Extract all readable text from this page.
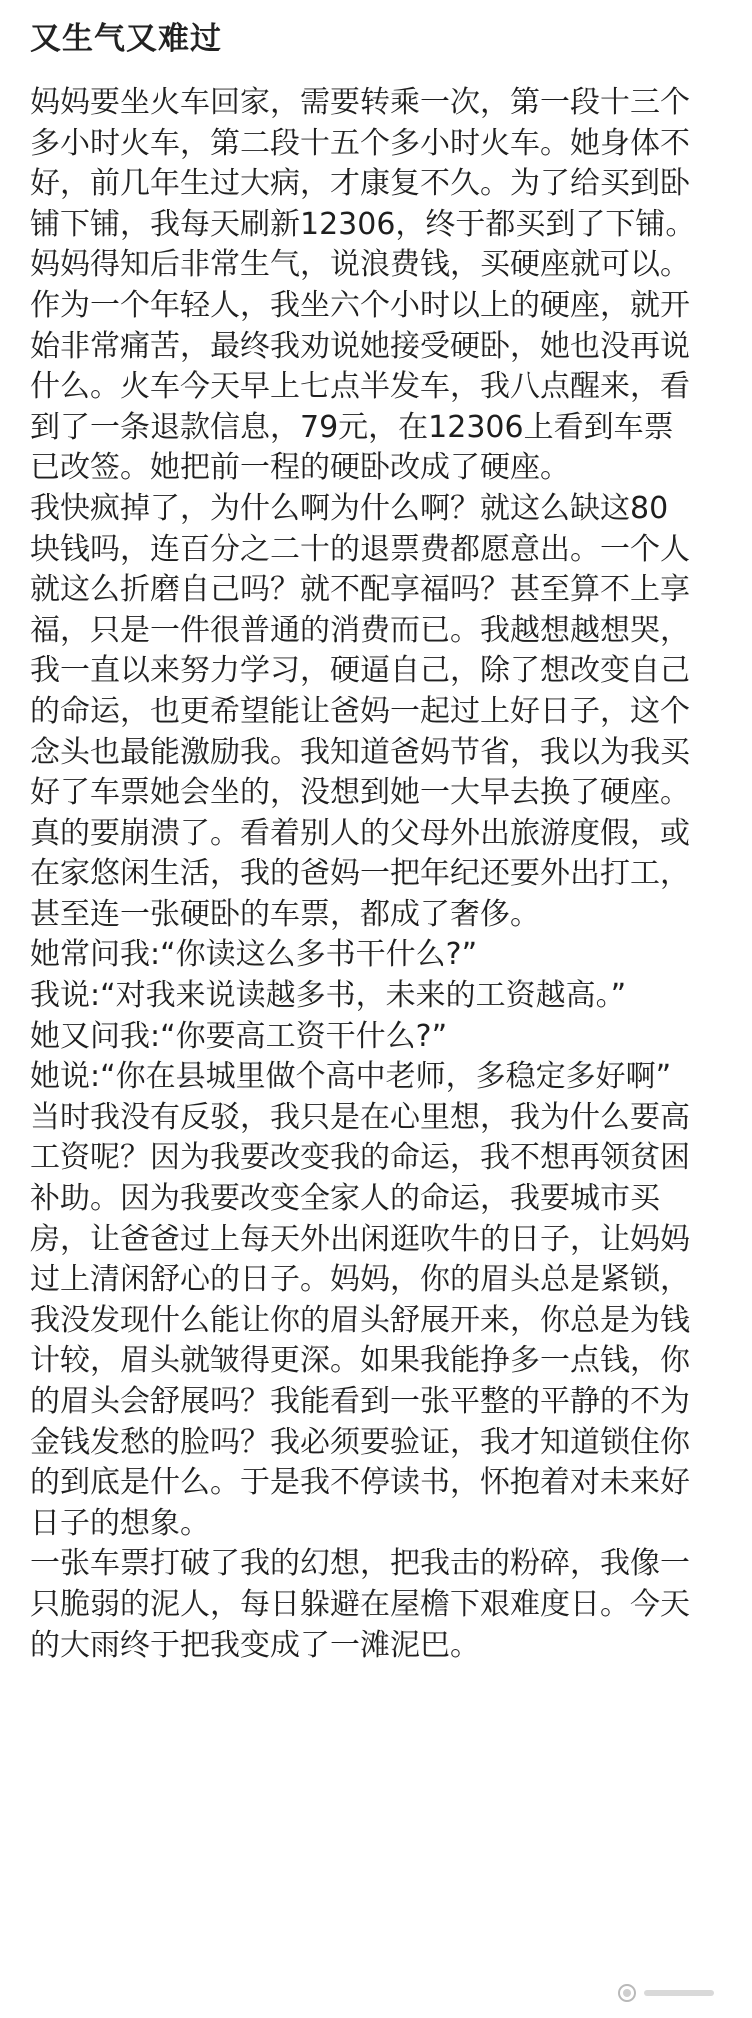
又生气又难过
妈妈要坐火车回家，需要转乘一次，第一段十三个
多小时火车，第二段十五个多小时火车。她身体不
好，前几年生过大病，才康复不久。为了给买到卧
铺下铺，我每天刷新12306，终于都买到了下铺。
妈妈得知后非常生气，说浪费钱，买硬座就可以。
作为一个年轻人，我坐六个小时以上的硬座，就开
始非常痛苦，最终我劝说她接受硬卧，她也没再说
什么。火车今天早上七点半发车，我八点醒来，看
到了一条退款信息，79元，在12306上看到车票
已改签。她把前一程的硬卧改成了硬座。
我快疯掉了，为什么啊为什么啊？就这么缺这80
块钱吗，连百分之二十的退票费都愿意出。一个人
就这么折磨自己吗？就不配享福吗？甚至算不上享
福，只是一件很普通的消费而已。我越想越想哭，
我一直以来努力学习，硬逼自己，除了想改变自己
的命运，也更希望能让爸妈一起过上好日子，这个
念头也最能激励我。我知道爸妈节省，我以为我买
好了车票她会坐的，没想到她一大早去换了硬座。
真的要崩溃了。看着别人的父母外出旅游度假，或
在家悠闲生活，我的爸妈一把年纪还要外出打工，
甚至连一张硬卧的车票，都成了奢侈。
她常问我:“你读这么多书干什么?”
我说:“对我来说读越多书，未来的工资越高。”
她又问我:“你要高工资干什么?”
她说:“你在县城里做个高中老师，多稳定多好啊”
当时我没有反驳，我只是在心里想，我为什么要高
工资呢？因为我要改变我的命运，我不想再领贫困
补助。因为我要改变全家人的命运，我要城市买
房，让爸爸过上每天外出闲逛吹牛的日子，让妈妈
过上清闲舒心的日子。妈妈，你的眉头总是紧锁，
我没发现什么能让你的眉头舒展开来，你总是为钱
计较，眉头就皱得更深。如果我能挣多一点钱，你
的眉头会舒展吗？我能看到一张平整的平静的不为
金钱发愁的脸吗？我必须要验证，我才知道锁住你
的到底是什么。于是我不停读书，怀抱着对未来好
日子的想象。
一张车票打破了我的幻想，把我击的粉碎，我像一
只脆弱的泥人，每日躲避在屋檐下艰难度日。今天
的大雨终于把我变成了一滩泥巴。
